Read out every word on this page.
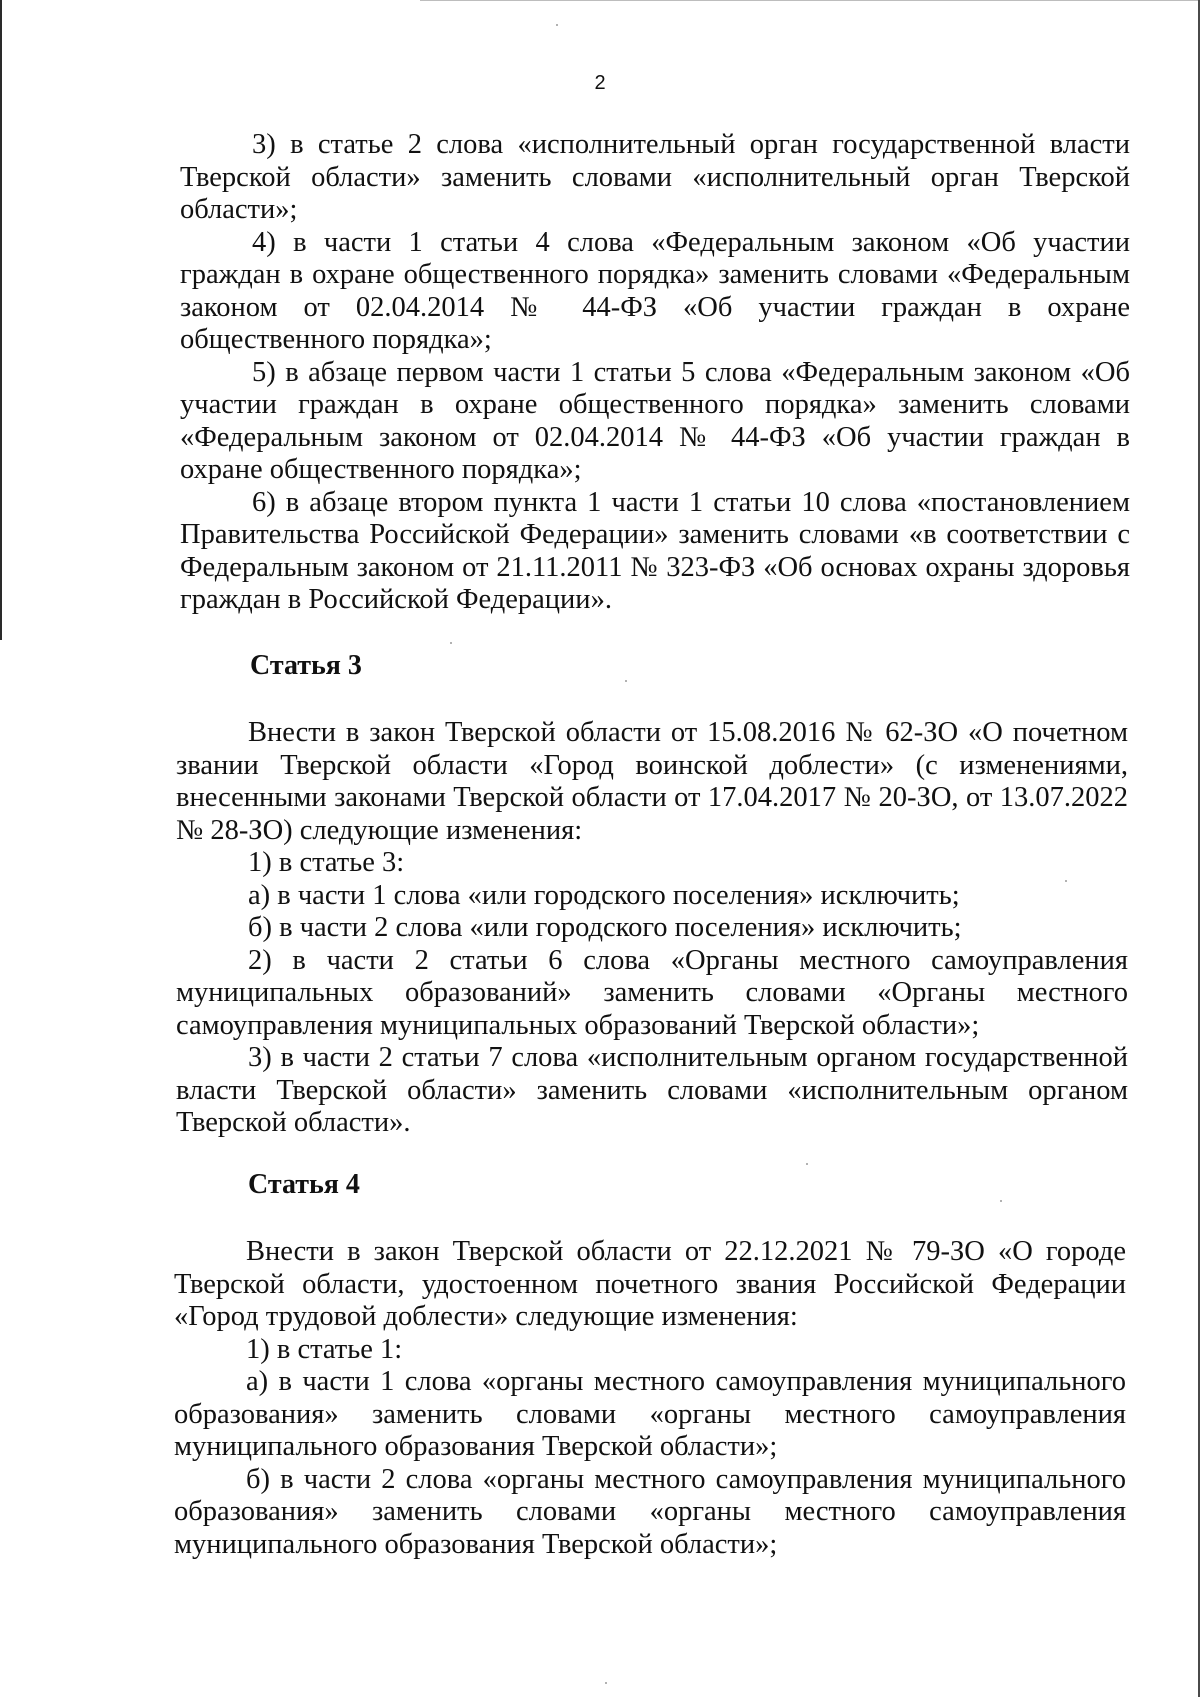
2

3) в статье 2 слова «исполнительный орган государственной власти Тверской области» заменить словами «исполнительный орган Тверской области»;

4) в части 1 статьи 4 слова «Федеральным законом «Об участии граждан в охране общественного порядка» заменить словами «Федеральным законом от 02.04.2014 № 44-ФЗ «Об участии граждан в охране общественного порядка»;

5) в абзаце первом части 1 статьи 5 слова «Федеральным законом «Об участии граждан в охране общественного порядка» заменить словами «Федеральным законом от 02.04.2014 № 44-ФЗ «Об участии граждан в охране общественного порядка»;

6) в абзаце втором пункта 1 части 1 статьи 10 слова «постановлением Правительства Российской Федерации» заменить словами «в соответствии с Федеральным законом от 21.11.2011 № 323-ФЗ «Об основах охраны здоровья граждан в Российской Федерации».

Статья 3

Внести в закон Тверской области от 15.08.2016 № 62-ЗО «О почетном звании Тверской области «Город воинской доблести» (с изменениями, внесенными законами Тверской области от 17.04.2017 № 20-ЗО, от 13.07.2022 № 28-ЗО) следующие изменения:

1) в статье 3:

а) в части 1 слова «или городского поселения» исключить;

б) в части 2 слова «или городского поселения» исключить;

2) в части 2 статьи 6 слова «Органы местного самоуправления муниципальных образований» заменить словами «Органы местного самоуправления муниципальных образований Тверской области»;

3) в части 2 статьи 7 слова «исполнительным органом государственной власти Тверской области» заменить словами «исполнительным органом Тверской области».

Статья 4

Внести в закон Тверской области от 22.12.2021 № 79-ЗО «О городе Тверской области, удостоенном почетного звания Российской Федерации «Город трудовой доблести» следующие изменения:

1) в статье 1:

а) в части 1 слова «органы местного самоуправления муниципального образования» заменить словами «органы местного самоуправления муниципального образования Тверской области»;

б) в части 2 слова «органы местного самоуправления муниципального образования» заменить словами «органы местного самоуправления муниципального образования Тверской области»;
